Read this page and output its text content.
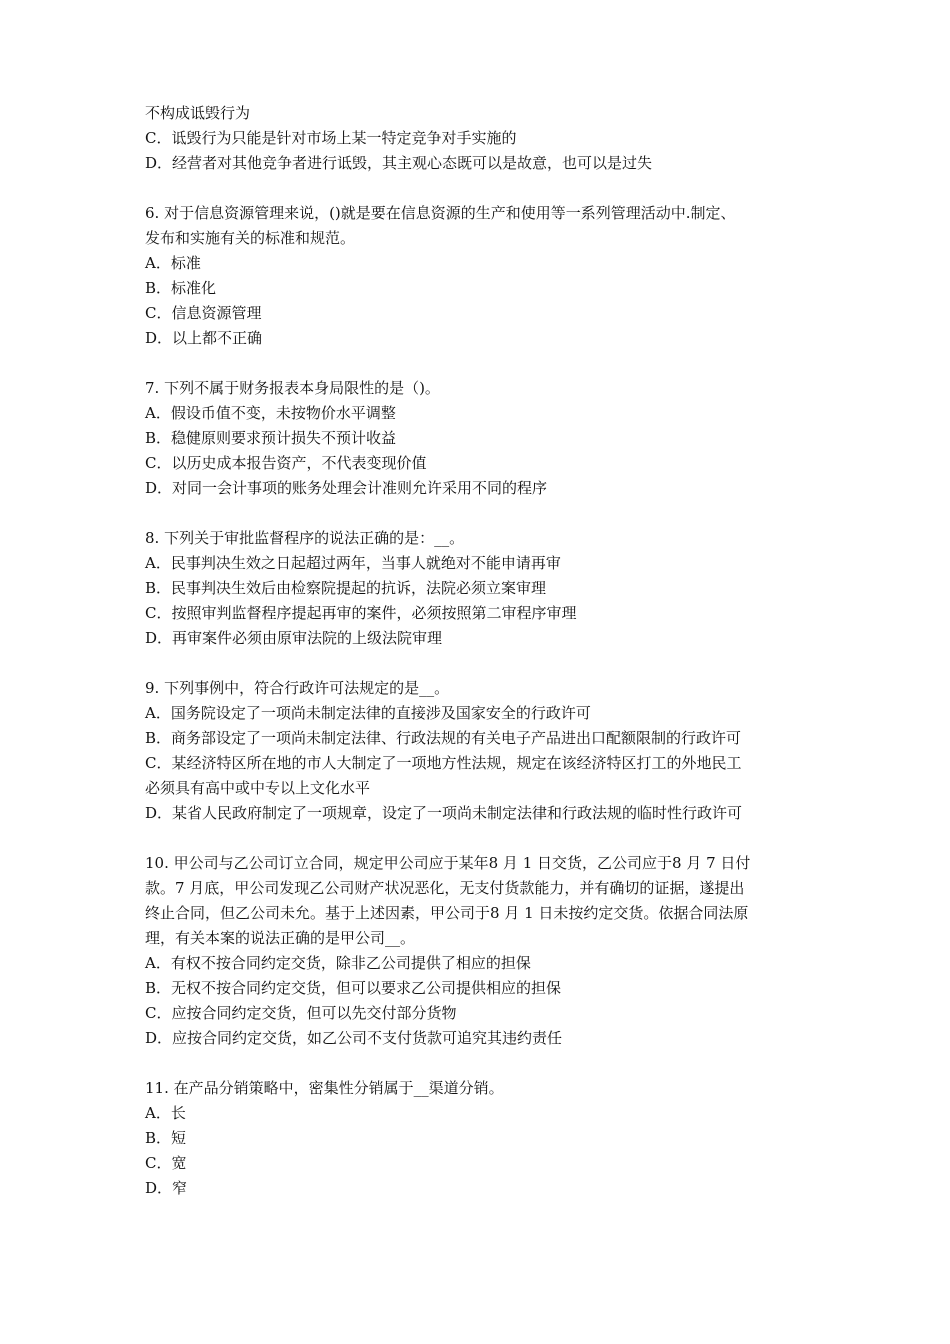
不构成诋毁行为
C．诋毁行为只能是针对市场上某一特定竞争对手实施的
D．经营者对其他竞争者进行诋毁，其主观心态既可以是故意，也可以是过失
6. 对于信息资源管理来说，()就是要在信息资源的生产和使用等一系列管理活动中.制定、
发布和实施有关的标准和规范。
A．标准
B．标准化
C．信息资源管理
D．以上都不正确
7. 下列不属于财务报表本身局限性的是（)。
A．假设币值不变，未按物价水平调整
B．稳健原则要求预计损失不预计收益
C．以历史成本报告资产，不代表变现价值
D．对同一会计事项的账务处理会计准则允许采用不同的程序
8. 下列关于审批监督程序的说法正确的是：__。
A．民事判决生效之日起超过两年，当事人就绝对不能申请再审
B．民事判决生效后由检察院提起的抗诉，法院必须立案审理
C．按照审判监督程序提起再审的案件，必须按照第二审程序审理
D．再审案件必须由原审法院的上级法院审理
9. 下列事例中，符合行政许可法规定的是__。
A．国务院设定了一项尚未制定法律的直接涉及国家安全的行政许可
B．商务部设定了一项尚未制定法律、行政法规的有关电子产品进出口配额限制的行政许可
C．某经济特区所在地的市人大制定了一项地方性法规，规定在该经济特区打工的外地民工
必须具有高中或中专以上文化水平
D．某省人民政府制定了一项规章，设定了一项尚未制定法律和行政法规的临时性行政许可
10. 甲公司与乙公司订立合同，规定甲公司应于某年8 月 1 日交货，乙公司应于8 月 7 日付
款。7 月底，甲公司发现乙公司财产状况恶化，无支付货款能力，并有确切的证据，遂提出
终止合同，但乙公司未允。基于上述因素，甲公司于8 月 1 日未按约定交货。依据合同法原
理，有关本案的说法正确的是甲公司__。
A．有权不按合同约定交货，除非乙公司提供了相应的担保
B．无权不按合同约定交货，但可以要求乙公司提供相应的担保
C．应按合同约定交货，但可以先交付部分货物
D．应按合同约定交货，如乙公司不支付货款可追究其违约责任
11. 在产品分销策略中，密集性分销属于__渠道分销。
A．长
B．短
C．宽
D．窄
